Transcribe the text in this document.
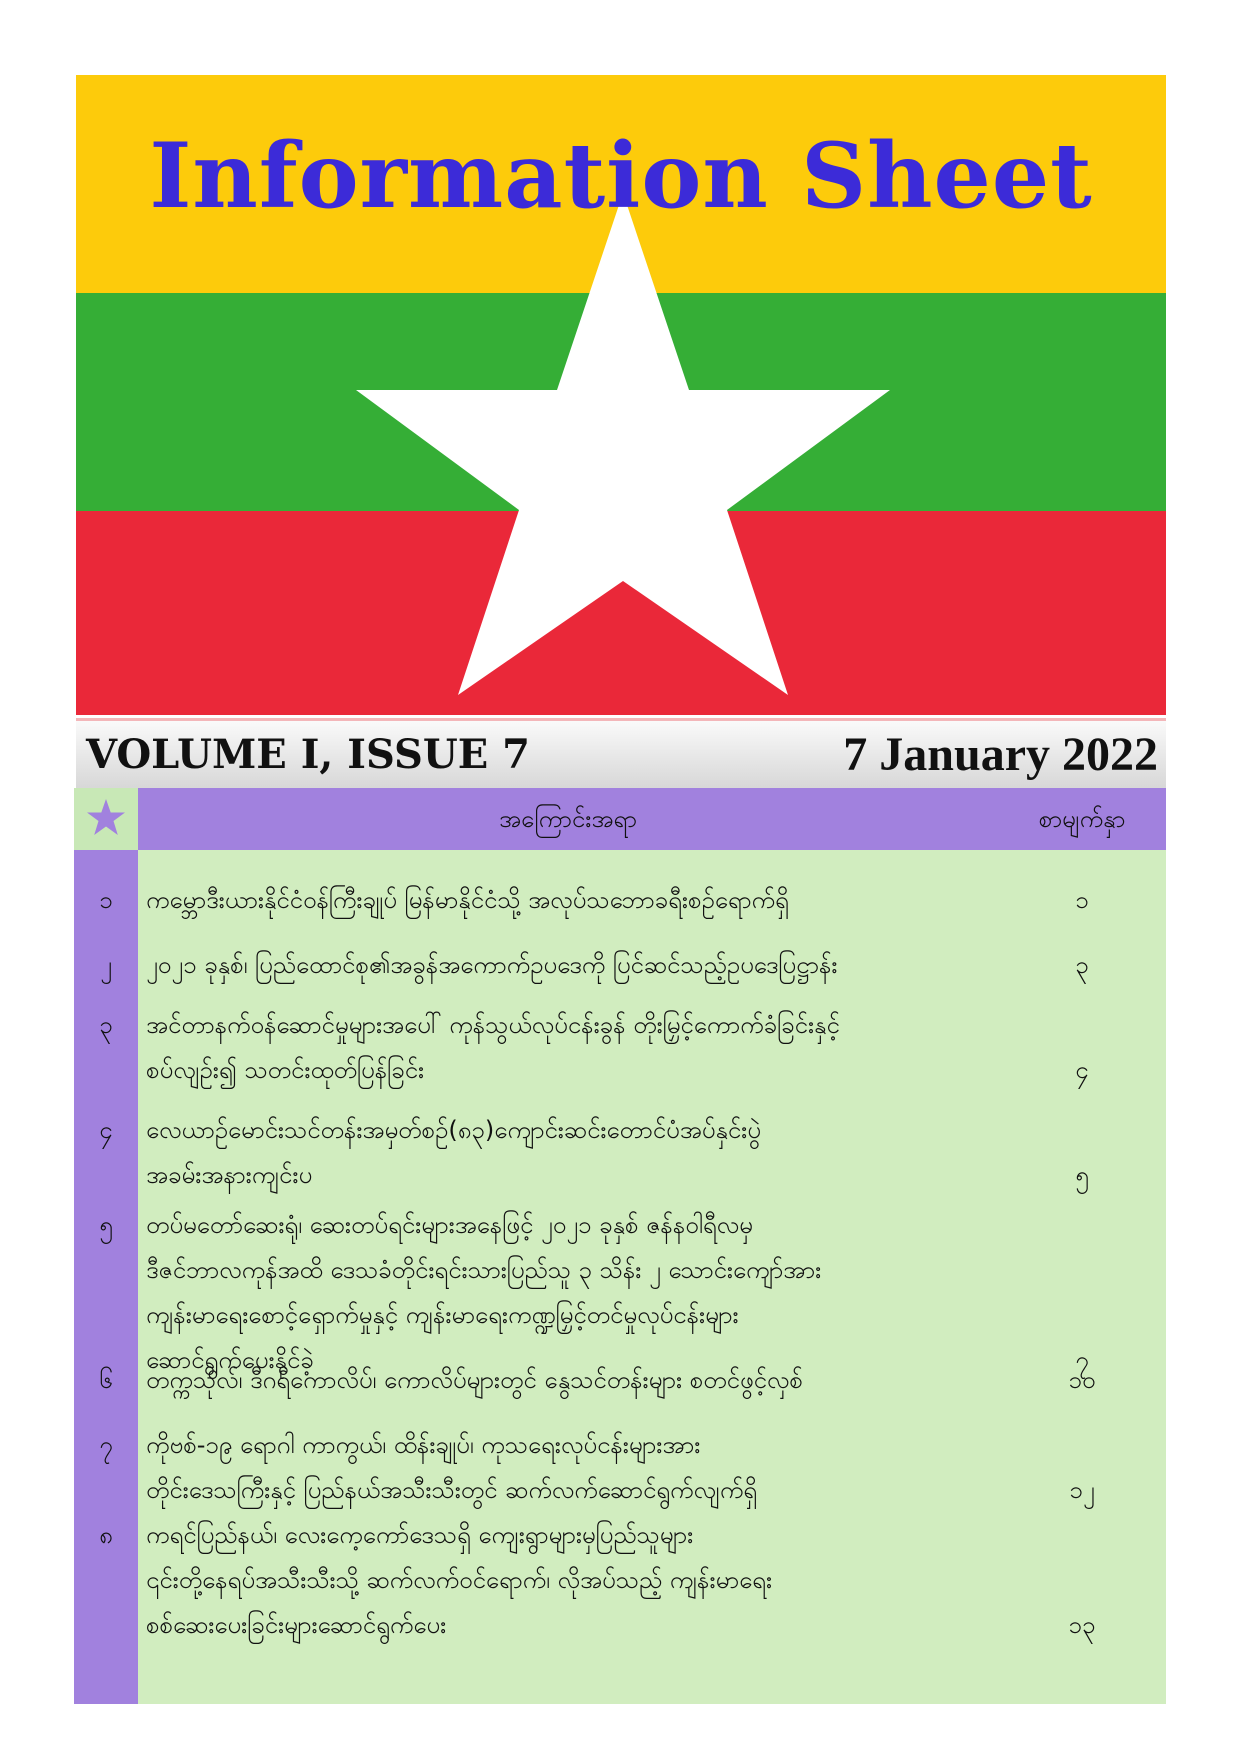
Information Sheet
VOLUME I, ISSUE 7	7 January 2022
အကြောင်းအရာ	စာမျက်နှာ
၁	ကမ္ဘောဒီးယားနိုင်ငံဝန်ကြီးချုပ် မြန်မာနိုင်ငံသို့ အလုပ်သဘောခရီးစဉ်ရောက်ရှိ	၁
၂	၂၀၂၁ ခုနှစ်၊ ပြည်ထောင်စု၏အခွန်အကောက်ဥပဒေကို ပြင်ဆင်သည့်ဥပဒေပြဋ္ဌာန်း	၃
၃	အင်တာနက်ဝန်ဆောင်မှုများအပေါ် ကုန်သွယ်လုပ်ငန်းခွန် တိုးမြှင့်ကောက်ခံခြင်းနှင့်
စပ်လျဉ်း၍ သတင်းထုတ်ပြန်ခြင်း	၄
၄	လေယာဉ်မောင်းသင်တန်းအမှတ်စဉ်(၈၃)ကျောင်းဆင်းတောင်ပံအပ်နှင်းပွဲ
အခမ်းအနားကျင်းပ	၅
၅	တပ်မတော်ဆေးရုံ၊ ဆေးတပ်ရင်းများအနေဖြင့် ၂၀၂၁ ခုနှစ် ဇန်နဝါရီလမှ
ဒီဇင်ဘာလကုန်အထိ ဒေသခံတိုင်းရင်းသားပြည်သူ ၃ သိန်း ၂ သောင်းကျော်အား
ကျန်းမာရေးစောင့်ရှောက်မှုနှင့် ကျန်းမာရေးကဏ္ဍမြှင့်တင်မှုလုပ်ငန်းများ
ဆောင်ရွက်ပေးနိုင်ခဲ့	၇
၆	တက္ကသိုလ်၊ ဒီဂရီကောလိပ်၊ ကောလိပ်များတွင် နွေသင်တန်းများ စတင်ဖွင့်လှစ်	၁၀
၇	ကိုဗစ်-၁၉ ရောဂါ ကာကွယ်၊ ထိန်းချုပ်၊ ကုသရေးလုပ်ငန်းများအား
တိုင်းဒေသကြီးနှင့် ပြည်နယ်အသီးသီးတွင် ဆက်လက်ဆောင်ရွက်လျက်ရှိ	၁၂
၈	ကရင်ပြည်နယ်၊ လေးကေ့ကော်ဒေသရှိ ကျေးရွာများမှပြည်သူများ
၎င်းတို့နေရပ်အသီးသီးသို့ ဆက်လက်ဝင်ရောက်၊ လိုအပ်သည့် ကျန်းမာရေး
စစ်ဆေးပေးခြင်းများဆောင်ရွက်ပေး	၁၃
